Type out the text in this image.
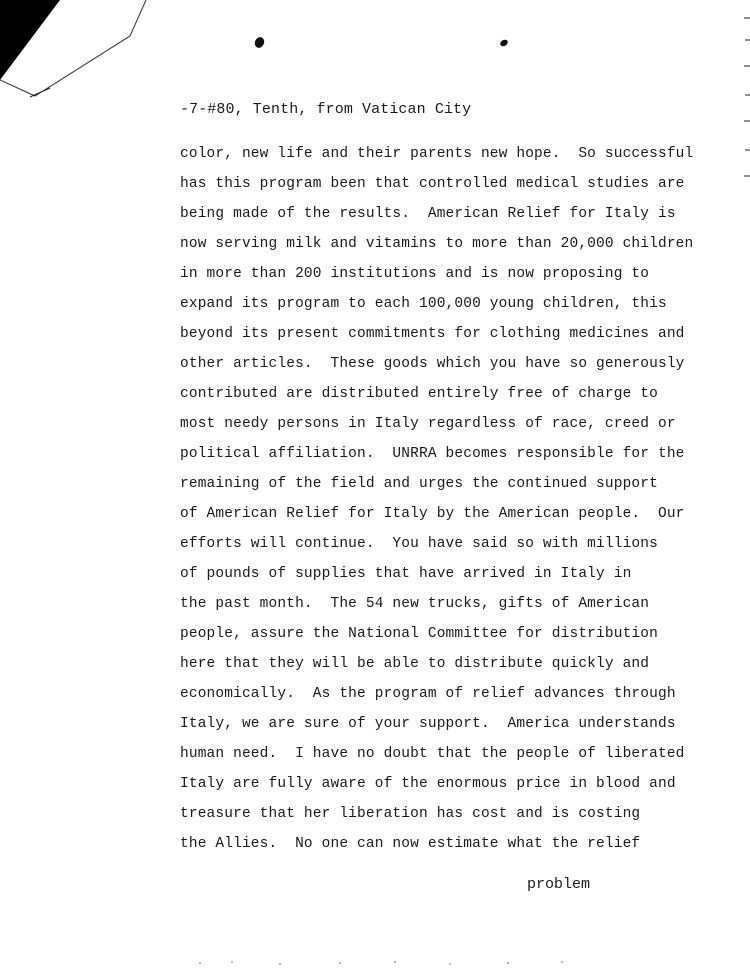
-7-#80, Tenth, from Vatican City
color, new life and their parents new hope.  So successful
has this program been that controlled medical studies are
being made of the results.  American Relief for Italy is
now serving milk and vitamins to more than 20,000 children
in more than 200 institutions and is now proposing to
expand its program to each 100,000 young children, this
beyond its present commitments for clothing medicines and
other articles.  These goods which you have so generously
contributed are distributed entirely free of charge to
most needy persons in Italy regardless of race, creed or
political affiliation.  UNRRA becomes responsible for the
remaining of the field and urges the continued support
of American Relief for Italy by the American people.  Our
efforts will continue.  You have said so with millions
of pounds of supplies that have arrived in Italy in
the past month.  The 54 new trucks, gifts of American
people, assure the National Committee for distribution
here that they will be able to distribute quickly and
economically.  As the program of relief advances through
Italy, we are sure of your support.  America understands
human need.  I have no doubt that the people of liberated
Italy are fully aware of the enormous price in blood and
treasure that her liberation has cost and is costing
the Allies.  No one can now estimate what the relief
problem
